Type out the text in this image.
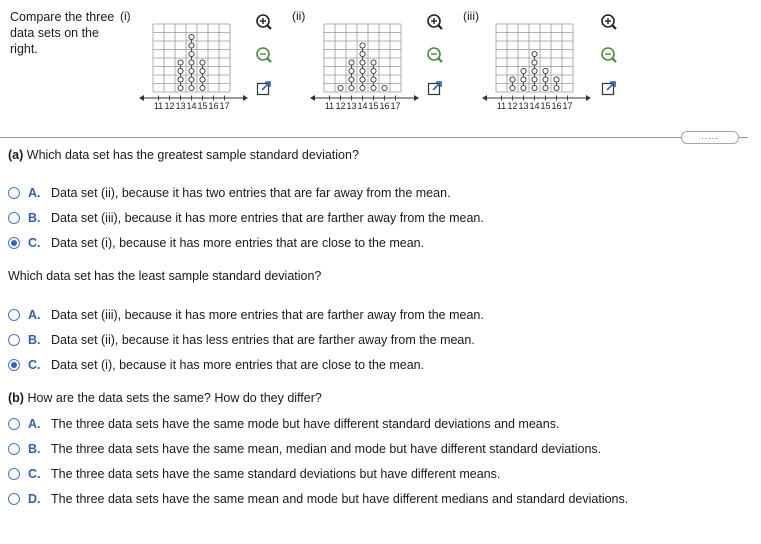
Compare the three data sets on the right.
(i)	(ii)	(iii)
11 12 13 14 15 16 17	11 12 13 14 15 16 17	11 12 13 14 15 16 17
.....
(a) Which data set has the greatest sample standard deviation?
A. Data set (ii), because it has two entries that are far away from the mean.
B. Data set (iii), because it has more entries that are farther away from the mean.
C. Data set (i), because it has more entries that are close to the mean.
Which data set has the least sample standard deviation?
A. Data set (iii), because it has more entries that are farther away from the mean.
B. Data set (ii), because it has less entries that are farther away from the mean.
C. Data set (i), because it has more entries that are close to the mean.
(b) How are the data sets the same? How do they differ?
A. The three data sets have the same mode but have different standard deviations and means.
B. The three data sets have the same mean, median and mode but have different standard deviations.
C. The three data sets have the same standard deviations but have different means.
D. The three data sets have the same mean and mode but have different medians and standard deviations.
